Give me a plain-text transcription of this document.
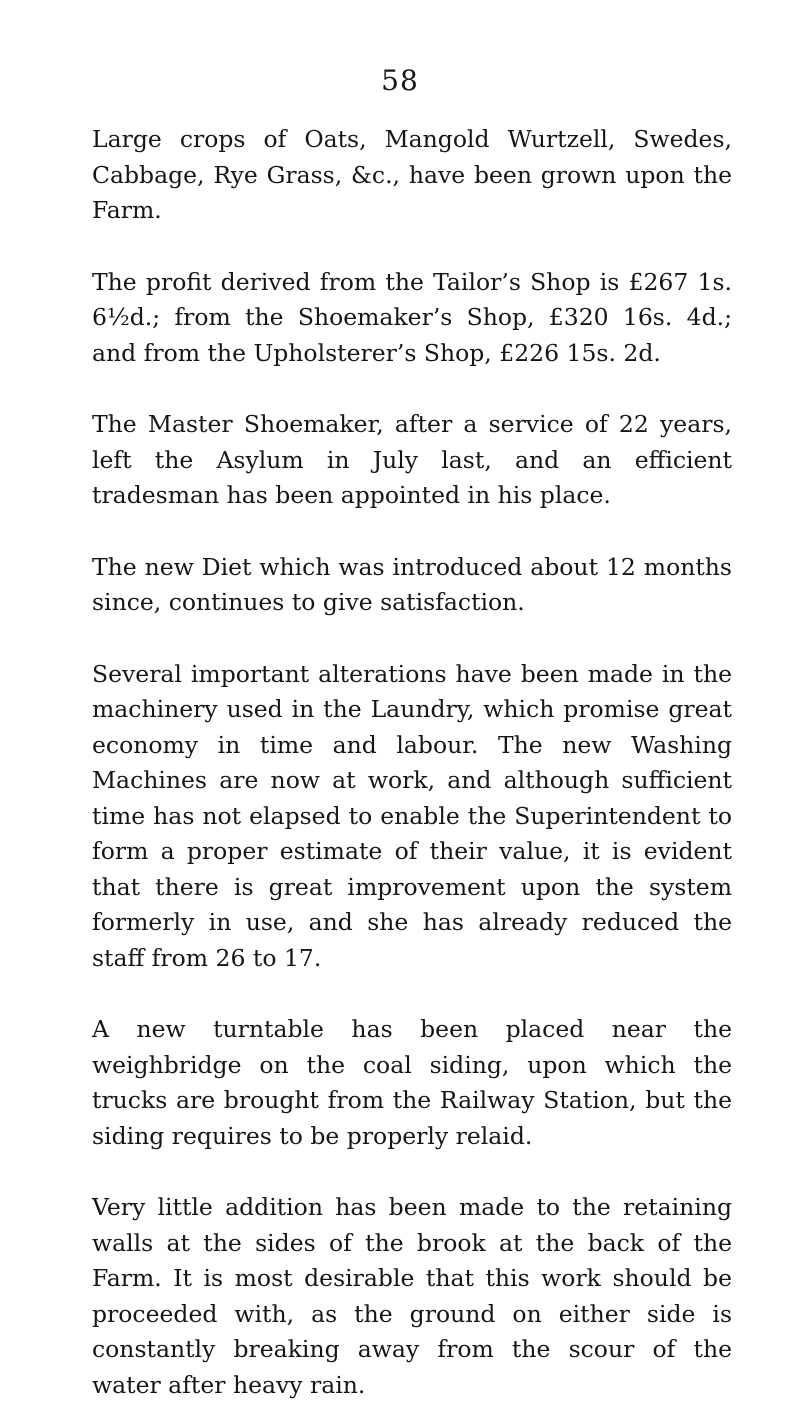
58

Large crops of Oats, Mangold Wurtzell, Swedes, Cabbage, Rye Grass, &c., have been grown upon the Farm.

The profit derived from the Tailor’s Shop is £267 1s. 6½d.; from the Shoemaker’s Shop, £320 16s. 4d.; and from the Upholsterer’s Shop, £226 15s. 2d.

The Master Shoemaker, after a service of 22 years, left the Asylum in July last, and an efficient tradesman has been appointed in his place.

The new Diet which was introduced about 12 months since, continues to give satisfaction.

Several important alterations have been made in the machinery used in the Laundry, which promise great economy in time and labour. The new Washing Machines are now at work, and although sufficient time has not elapsed to enable the Superintendent to form a proper estimate of their value, it is evident that there is great improvement upon the system formerly in use, and she has already reduced the staff from 26 to 17.

A new turntable has been placed near the weighbridge on the coal siding, upon which the trucks are brought from the Railway Station, but the siding requires to be properly relaid.

Very little addition has been made to the retaining walls at the sides of the brook at the back of the Farm. It is most desirable that this work should be proceeded with, as the ground on either side is constantly breaking away from the scour of the water after heavy rain.
